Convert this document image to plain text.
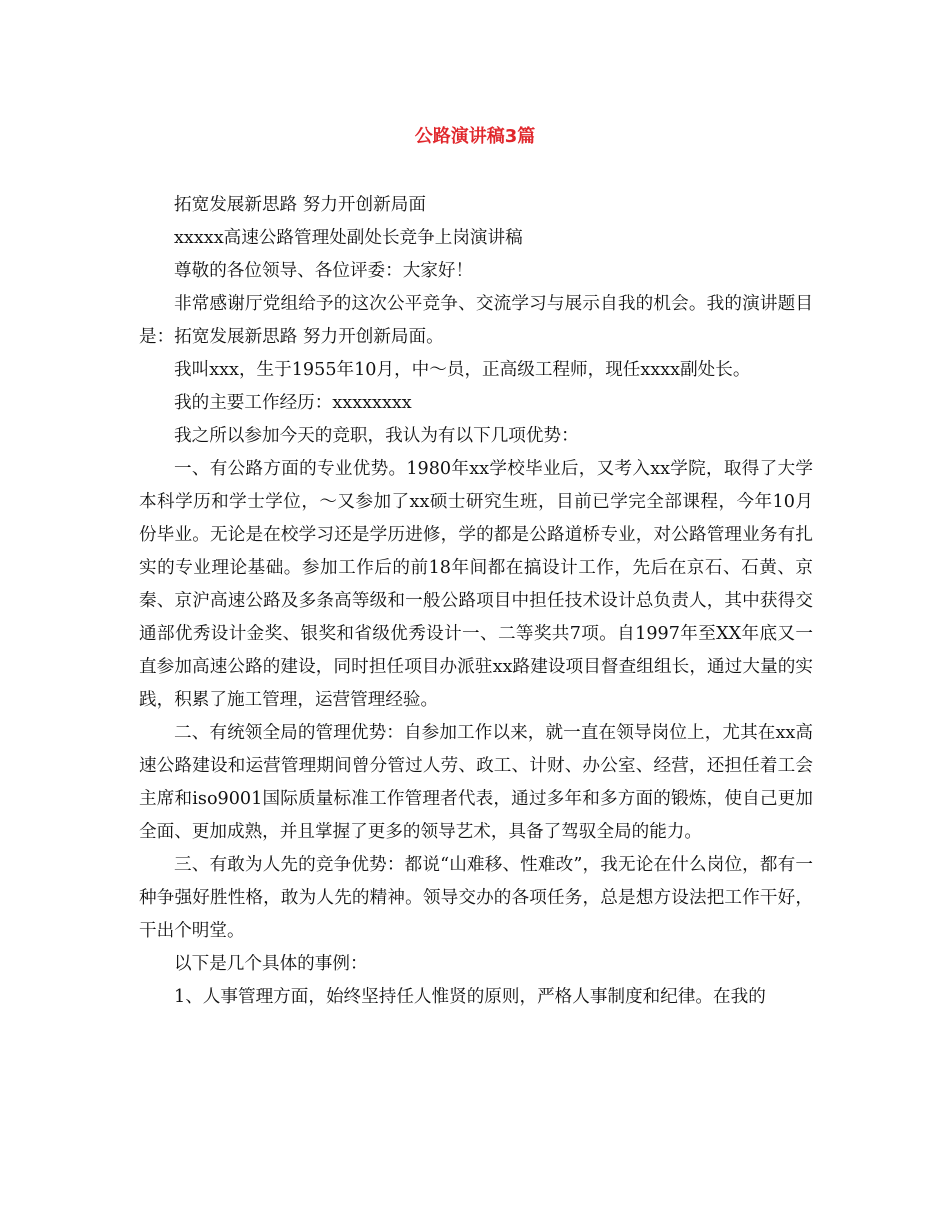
公路演讲稿3篇

拓宽发展新思路 努力开创新局面

xxxxx高速公路管理处副处长竞争上岗演讲稿

尊敬的各位领导、各位评委：大家好！

非常感谢厅党组给予的这次公平竞争、交流学习与展示自我的机会。我的演讲题目是：拓宽发展新思路 努力开创新局面。

我叫xxx，生于1955年10月，中～员，正高级工程师，现任xxxx副处长。

我的主要工作经历：xxxxxxxx

我之所以参加今天的竞职，我认为有以下几项优势：

一、有公路方面的专业优势。1980年xx学校毕业后，又考入xx学院，取得了大学本科学历和学士学位，～又参加了xx硕士研究生班，目前已学完全部课程，今年10月份毕业。无论是在校学习还是学历进修，学的都是公路道桥专业，对公路管理业务有扎实的专业理论基础。参加工作后的前18年间都在搞设计工作，先后在京石、石黄、京秦、京沪高速公路及多条高等级和一般公路项目中担任技术设计总负责人，其中获得交通部优秀设计金奖、银奖和省级优秀设计一、二等奖共7项。自1997年至XX年底又一直参加高速公路的建设，同时担任项目办派驻xx路建设项目督查组组长，通过大量的实践，积累了施工管理，运营管理经验。

二、有统领全局的管理优势：自参加工作以来，就一直在领导岗位上，尤其在xx高速公路建设和运营管理期间曾分管过人劳、政工、计财、办公室、经营，还担任着工会主席和iso9001国际质量标准工作管理者代表，通过多年和多方面的锻炼，使自己更加全面、更加成熟，并且掌握了更多的领导艺术，具备了驾驭全局的能力。

三、有敢为人先的竞争优势：都说“山难移、性难改”，我无论在什么岗位，都有一种争强好胜性格，敢为人先的精神。领导交办的各项任务，总是想方设法把工作干好，干出个明堂。

以下是几个具体的事例：

1、人事管理方面，始终坚持任人惟贤的原则，严格人事制度和纪律。在我的
